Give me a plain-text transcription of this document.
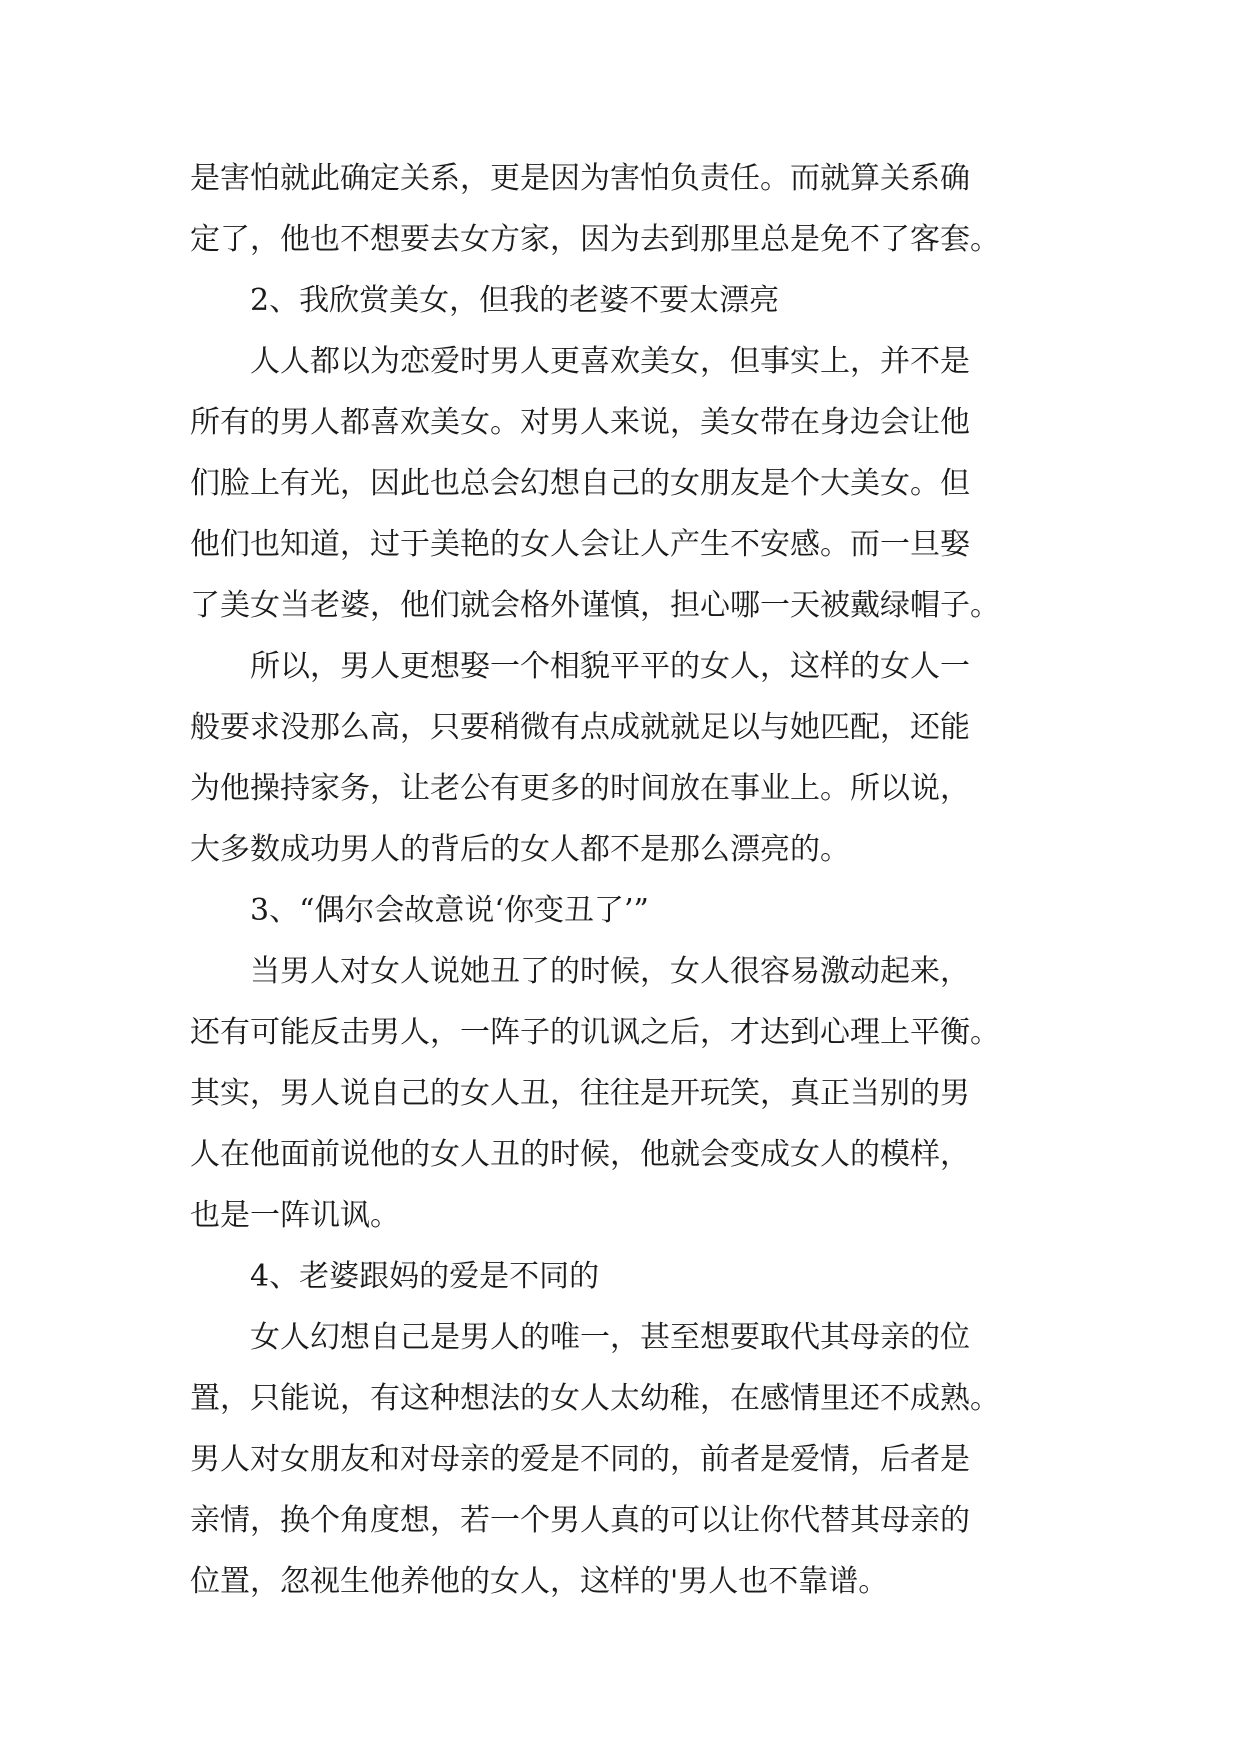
是害怕就此确定关系，更是因为害怕负责任。而就算关系确
定了，他也不想要去女方家，因为去到那里总是免不了客套。
2、我欣赏美女，但我的老婆不要太漂亮
人人都以为恋爱时男人更喜欢美女，但事实上，并不是
所有的男人都喜欢美女。对男人来说，美女带在身边会让他
们脸上有光，因此也总会幻想自己的女朋友是个大美女。但
他们也知道，过于美艳的女人会让人产生不安感。而一旦娶
了美女当老婆，他们就会格外谨慎，担心哪一天被戴绿帽子。
所以，男人更想娶一个相貌平平的女人，这样的女人一
般要求没那么高，只要稍微有点成就就足以与她匹配，还能
为他操持家务，让老公有更多的时间放在事业上。所以说，
大多数成功男人的背后的女人都不是那么漂亮的。
3、“偶尔会故意说‘你变丑了’”
当男人对女人说她丑了的时候，女人很容易激动起来，
还有可能反击男人，一阵子的讥讽之后，才达到心理上平衡。
其实，男人说自己的女人丑，往往是开玩笑，真正当别的男
人在他面前说他的女人丑的时候，他就会变成女人的模样，
也是一阵讥讽。
4、老婆跟妈的爱是不同的
女人幻想自己是男人的唯一，甚至想要取代其母亲的位
置，只能说，有这种想法的女人太幼稚，在感情里还不成熟。
男人对女朋友和对母亲的爱是不同的，前者是爱情，后者是
亲情，换个角度想，若一个男人真的可以让你代替其母亲的
位置，忽视生他养他的女人，这样的'男人也不靠谱。
